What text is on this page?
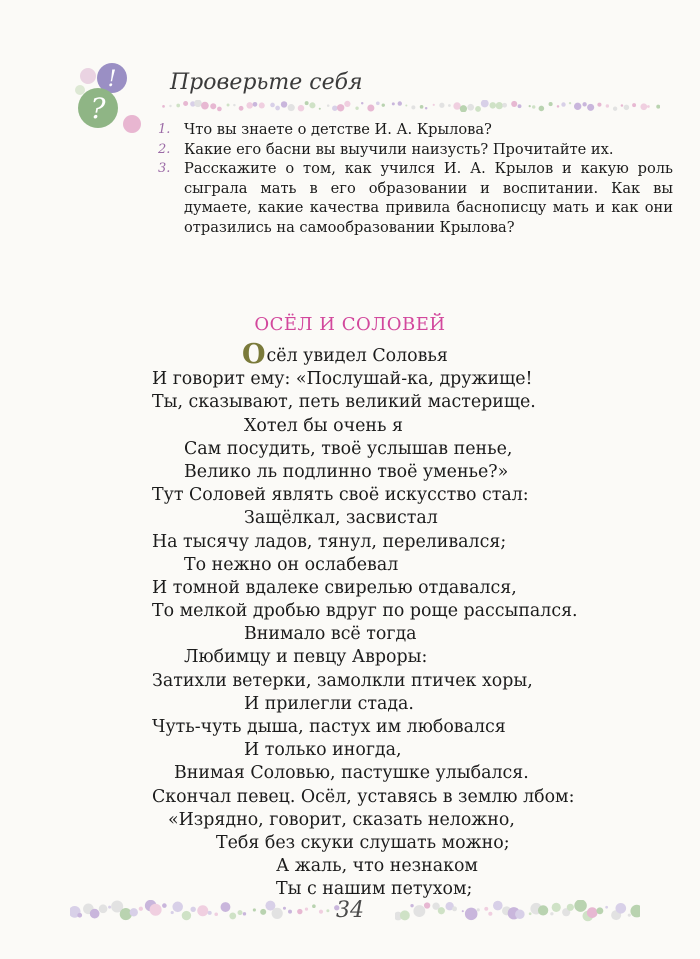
!
?
Проверьте себя
1. Что вы знаете о детстве И. А. Крылова?
2. Какие его басни вы выучили наизусть? Прочитайте их.
3. Расскажите о том, как учился И. А. Крылов и какую роль сыграла мать в его образовании и воспитании. Как вы думаете, какие качества привила баснописцу мать и как они отразились на самообразовании Крылова?
ОСЁЛ И СОЛОВЕЙ
Осёл увидел Соловья
И говорит ему: «Послушай-ка, дружище!
Ты, сказывают, петь великий мастерище.
Хотел бы очень я
Сам посудить, твоё услышав пенье,
Велико ль подлинно твоё уменье?»
Тут Соловей являть своё искусство стал:
Защёлкал, засвистал
На тысячу ладов, тянул, переливался;
То нежно он ослабевал
И томной вдалеке свирелью отдавался,
То мелкой дробью вдруг по роще рассыпался.
Внимало всё тогда
Любимцу и певцу Авроры:
Затихли ветерки, замолкли птичек хоры,
И прилегли стада.
Чуть-чуть дыша, пастух им любовался
И только иногда,
Внимая Соловью, пастушке улыбался.
Скончал певец. Осёл, уставясь в землю лбом:
«Изрядно, говорит, сказать неложно,
Тебя без скуки слушать можно;
А жаль, что незнаком
Ты с нашим петухом;
34
